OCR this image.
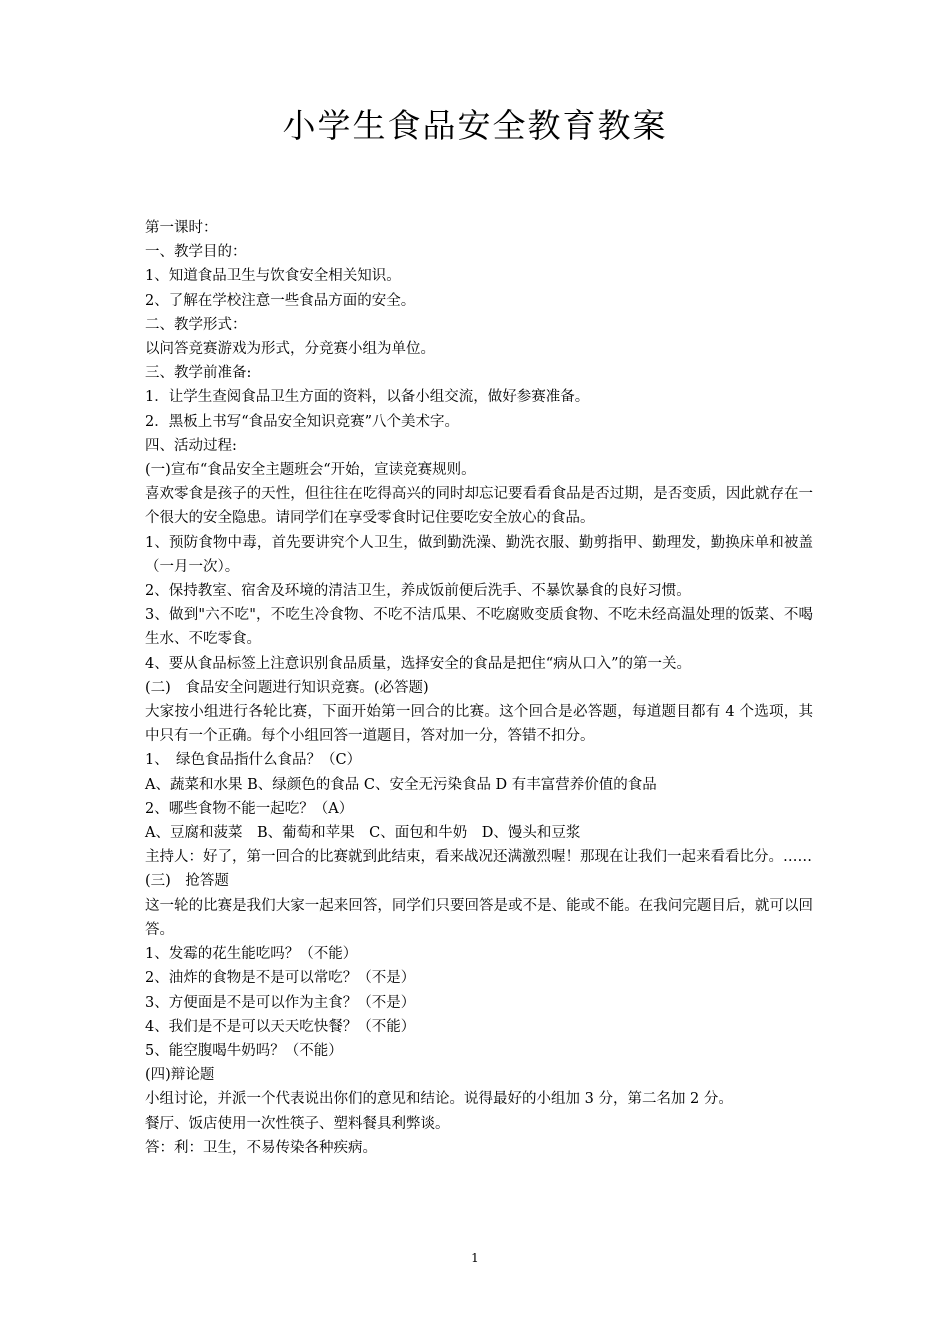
小学生食品安全教育教案

第一课时：

一、教学目的：

1、知道食品卫生与饮食安全相关知识。

2、了解在学校注意一些食品方面的安全。

二、教学形式：

以问答竞赛游戏为形式，分竞赛小组为单位。

三、教学前准备:

1．让学生查阅食品卫生方面的资料，以备小组交流，做好参赛准备。

2．黑板上书写“食品安全知识竞赛”八个美术字。

四、活动过程:

(一)宣布“食品安全主题班会“开始，宣读竞赛规则。

喜欢零食是孩子的天性，但往往在吃得高兴的同时却忘记要看看食品是否过期，是否变质，因此就存在一个很大的安全隐患。请同学们在享受零食时记住要吃安全放心的食品。

1、预防食物中毒，首先要讲究个人卫生，做到勤洗澡、勤洗衣服、勤剪指甲、勤理发，勤换床单和被盖（一月一次）。

2、保持教室、宿舍及环境的清洁卫生，养成饭前便后洗手、不暴饮暴食的良好习惯。

3、做到"六不吃"，不吃生冷食物、不吃不洁瓜果、不吃腐败变质食物、不吃未经高温处理的饭菜、不喝生水、不吃零食。

4、要从食品标签上注意识别食品质量，选择安全的食品是把住“病从口入”的第一关。

(二)　食品安全问题进行知识竞赛。(必答题)

大家按小组进行各轮比赛，下面开始第一回合的比赛。这个回合是必答题，每道题目都有 4 个选项，其中只有一个正确。每个小组回答一道题目，答对加一分，答错不扣分。

1、　绿色食品指什么食品？（C）

A、蔬菜和水果 B、绿颜色的食品 C、安全无污染食品 D 有丰富营养价值的食品

2、哪些食物不能一起吃？（A）

A、豆腐和菠菜　B、葡萄和苹果　C、面包和牛奶　D、馒头和豆浆

主持人：好了，第一回合的比赛就到此结束，看来战况还满激烈喔！那现在让我们一起来看看比分。……

(三)　抢答题

这一轮的比赛是我们大家一起来回答，同学们只要回答是或不是、能或不能。在我问完题目后，就可以回答。

1、发霉的花生能吃吗？（不能）

2、油炸的食物是不是可以常吃？（不是）

3、方便面是不是可以作为主食？（不是）

4、我们是不是可以天天吃快餐？（不能）

5、能空腹喝牛奶吗？（不能）

(四)辩论题

小组讨论，并派一个代表说出你们的意见和结论。说得最好的小组加 3 分，第二名加 2 分。

餐厅、饭店使用一次性筷子、塑料餐具利弊谈。

答：利：卫生，不易传染各种疾病。

1
